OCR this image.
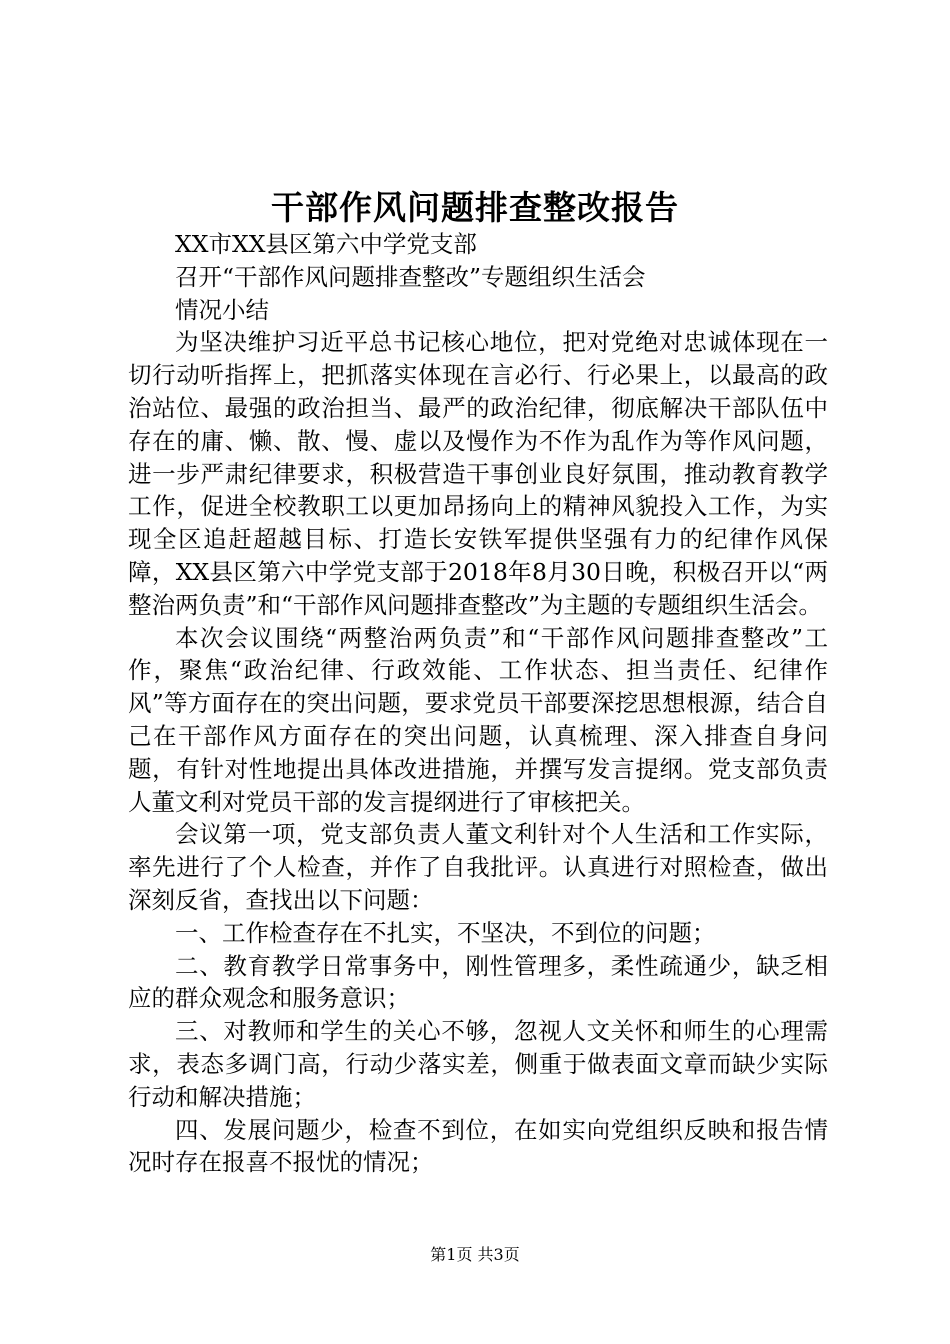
干部作风问题排查整改报告

XX市XX县区第六中学党支部

召开“干部作风问题排查整改”专题组织生活会

情况小结

为坚决维护习近平总书记核心地位，把对党绝对忠诚体现在一切行动听指挥上，把抓落实体现在言必行、行必果上，以最高的政治站位、最强的政治担当、最严的政治纪律，彻底解决干部队伍中存在的庸、懒、散、慢、虚以及慢作为不作为乱作为等作风问题，进一步严肃纪律要求，积极营造干事创业良好氛围，推动教育教学工作，促进全校教职工以更加昂扬向上的精神风貌投入工作，为实现全区追赶超越目标、打造长安铁军提供坚强有力的纪律作风保障，XX县区第六中学党支部于2018年8月30日晚，积极召开以“两整治两负责”和“干部作风问题排查整改”为主题的专题组织生活会。

本次会议围绕“两整治两负责”和“干部作风问题排查整改”工作，聚焦“政治纪律、行政效能、工作状态、担当责任、纪律作风”等方面存在的突出问题，要求党员干部要深挖思想根源，结合自己在干部作风方面存在的突出问题，认真梳理、深入排查自身问题，有针对性地提出具体改进措施，并撰写发言提纲。党支部负责人董文利对党员干部的发言提纲进行了审核把关。

会议第一项，党支部负责人董文利针对个人生活和工作实际，率先进行了个人检查，并作了自我批评。认真进行对照检查，做出深刻反省，查找出以下问题：

一、工作检查存在不扎实，不坚决，不到位的问题；

二、教育教学日常事务中，刚性管理多，柔性疏通少，缺乏相应的群众观念和服务意识；

三、对教师和学生的关心不够，忽视人文关怀和师生的心理需求，表态多调门高，行动少落实差，侧重于做表面文章而缺少实际行动和解决措施；

四、发展问题少，检查不到位，在如实向党组织反映和报告情况时存在报喜不报忧的情况；

第1页 共3页
